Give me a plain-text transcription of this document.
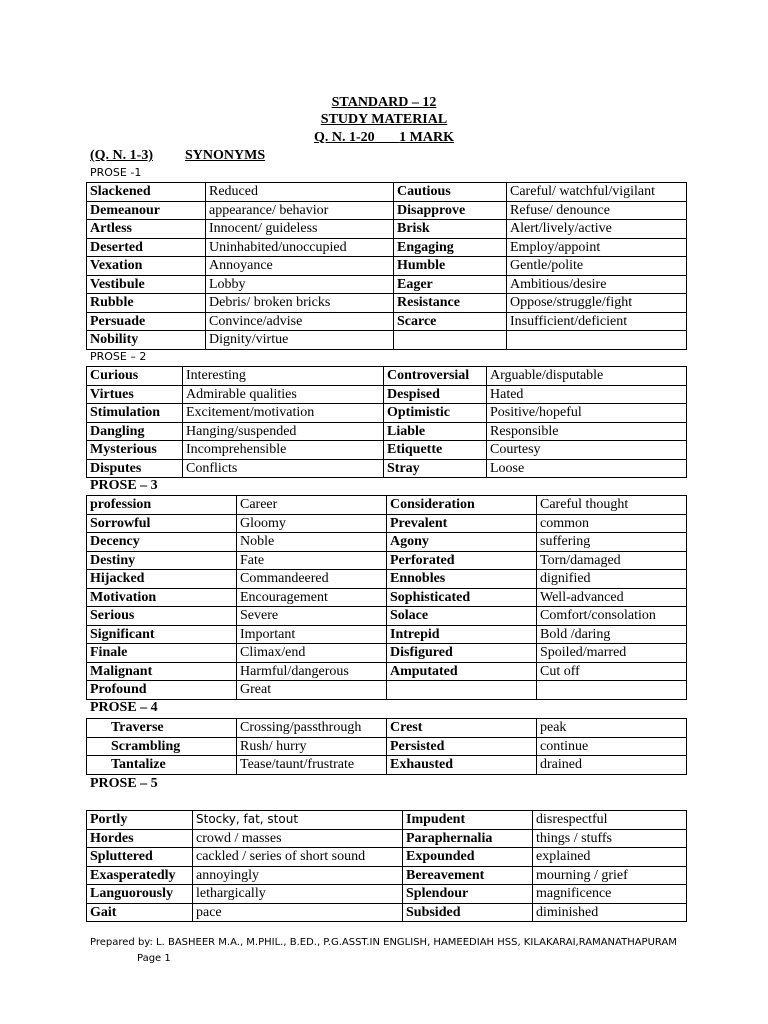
STANDARD – 12
STUDY MATERIAL
Q. N. 1-20 1 MARK
(Q. N. 1-3) SYNONYMS
PROSE -1
Slackened	Reduced	Cautious	Careful/ watchful/vigilant
Demeanour	appearance/ behavior	Disapprove	Refuse/ denounce
Artless	Innocent/ guideless	Brisk	Alert/lively/active
Deserted	Uninhabited/unoccupied	Engaging	Employ/appoint
Vexation	Annoyance	Humble	Gentle/polite
Vestibule	Lobby	Eager	Ambitious/desire
Rubble	Debris/ broken bricks	Resistance	Oppose/struggle/fight
Persuade	Convince/advise	Scarce	Insufficient/deficient
Nobility	Dignity/virtue		
PROSE – 2
Curious	Interesting	Controversial	Arguable/disputable
Virtues	Admirable qualities	Despised	Hated
Stimulation	Excitement/motivation	Optimistic	Positive/hopeful
Dangling	Hanging/suspended	Liable	Responsible
Mysterious	Incomprehensible	Etiquette	Courtesy
Disputes	Conflicts	Stray	Loose
PROSE – 3
profession	Career	Consideration	Careful thought
Sorrowful	Gloomy	Prevalent	common
Decency	Noble	Agony	suffering
Destiny	Fate	Perforated	Torn/damaged
Hijacked	Commandeered	Ennobles	dignified
Motivation	Encouragement	Sophisticated	Well-advanced
Serious	Severe	Solace	Comfort/consolation
Significant	Important	Intrepid	Bold /daring
Finale	Climax/end	Disfigured	Spoiled/marred
Malignant	Harmful/dangerous	Amputated	Cut off
Profound	Great		
PROSE – 4
Traverse	Crossing/passthrough	Crest	peak
Scrambling	Rush/ hurry	Persisted	continue
Tantalize	Tease/taunt/frustrate	Exhausted	drained
PROSE – 5
Portly	Stocky, fat, stout	Impudent	disrespectful
Hordes	crowd / masses	Paraphernalia	things / stuffs
Spluttered	cackled / series of short sound	Expounded	explained
Exasperatedly	annoyingly	Bereavement	mourning / grief
Languorously	lethargically	Splendour	magnificence
Gait	pace	Subsided	diminished
Prepared by: L. BASHEER M.A., M.PHIL., B.ED., P.G.ASST.IN ENGLISH, HAMEEDIAH HSS, KILAKARAI,RAMANATHAPURAM
Page 1
